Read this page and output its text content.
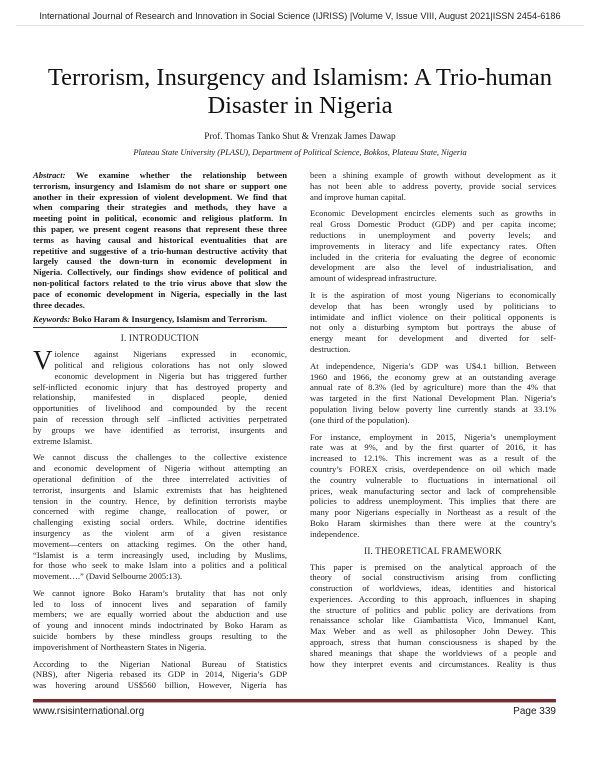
International Journal of Research and Innovation in Social Science (IJRISS) |Volume V, Issue VIII, August 2021|ISSN 2454-6186
Terrorism, Insurgency and Islamism: A Trio-human
Disaster in Nigeria
Prof. Thomas Tanko Shut & Vrenzak James Dawap
Plateau State University (PLASU), Department of Political Science, Bokkos, Plateau State, Nigeria
Abstract: We examine whether the relationship between
terrorism, insurgency and Islamism do not share or support one
another in their expression of violent development. We find that
when comparing their strategies and methods, they have a
meeting point in political, economic and religious platform. In
this paper, we present cogent reasons that represent these three
terms as having causal and historical eventualities that are
repetitive and suggestive of a trio-human destructive activity that
largely caused the down-turn in economic development in
Nigeria. Collectively, our findings show evidence of political and
non-political factors related to the trio virus above that slow the
pace of economic development in Nigeria, especially in the last
three decades.
Keywords: Boko Haram & Insurgency, Islamism and Terrorism.
I. INTRODUCTION
V iolence against Nigerians expressed in economic,
political and religious colorations has not only slowed
economic development in Nigeria but has triggered further
self-inflicted economic injury that has destroyed property and
relationship, manifested in displaced people, denied
opportunities of livelihood and compounded by the recent
pain of recession through self –inflicted activities perpetrated
by groups we have identified as terrorist, insurgents and
extreme Islamist.
We cannot discuss the challenges to the collective existence
and economic development of Nigeria without attempting an
operational definition of the three interrelated activities of
terrorist, insurgents and Islamic extremists that has heightened
tension in the country. Hence, by definition terrorists maybe
concerned with regime change, reallocation of power, or
challenging existing social orders. While, doctrine identifies
insurgency as the violent arm of a given resistance
movement—centers on attacking regimes. On the other hand,
“Islamist is a term increasingly used, including by Muslims,
for those who seek to make Islam into a politics and a political
movement….” (David Selbourne 2005:13).
We cannot ignore Boko Haram’s brutality that has not only
led to loss of innocent lives and separation of family
members; we are equally worried about the abduction and use
of young and innocent minds indoctrinated by Boko Haram as
suicide bombers by these mindless groups resulting to the
impoverishment of Northeastern States in Nigeria.
According to the Nigerian National Bureau of Statistics
(NBS), after Nigeria rebased its GDP in 2014, Nigeria’s GDP
was hovering around US$560 billion, However, Nigeria has
been a shining example of growth without development as it
has not been able to address poverty, provide social services
and improve human capital.
Economic Development encircles elements such as growths in
real Gross Domestic Product (GDP) and per capita income;
reductions in unemployment and poverty levels; and
improvements in literacy and life expectancy rates. Often
included in the criteria for evaluating the degree of economic
development are also the level of industrialisation, and
amount of widespread infrastructure.
It is the aspiration of most young Nigerians to economically
develop that has been wrongly used by politicians to
intimidate and inflict violence on their political opponents is
not only a disturbing symptom but portrays the abuse of
energy meant for development and diverted for self-
destruction.
At independence, Nigeria’s GDP was U$4.1 billion. Between
1960 and 1966, the economy grew at an outstanding average
annual rate of 8.3% (led by agriculture) more than the 4% that
was targeted in the first National Development Plan. Nigeria’s
population living below poverty line currently stands at 33.1%
(one third of the population).
For instance, employment in 2015, Nigeria’s unemployment
rate was at 9%, and by the first quarter of 2016, it has
increased to 12.1%. This increment was as a result of the
country’s FOREX crisis, overdependence on oil which made
the country vulnerable to fluctuations in international oil
prices, weak manufacturing sector and lack of comprehensible
policies to address unemployment. This implies that there are
many poor Nigerians especially in Northeast as a result of the
Boko Haram skirmishes than there were at the country’s
independence.
II. THEORETICAL FRAMEWORK
This paper is premised on the analytical approach of the
theory of social constructivism arising from conflicting
construction of worldviews, ideas, identities and historical
experiences. According to this approach, influences in shaping
the structure of politics and public policy are derivations from
renaissance scholar like Giambattista Vico, Immanuel Kant,
Max Weber and as well as philosopher John Dewey. This
approach, stress that human consciousness is shaped by the
shared meanings that shape the worldviews of a people and
how they interpret events and circumstances. Reality is thus
www.rsisinternational.org	Page 339
